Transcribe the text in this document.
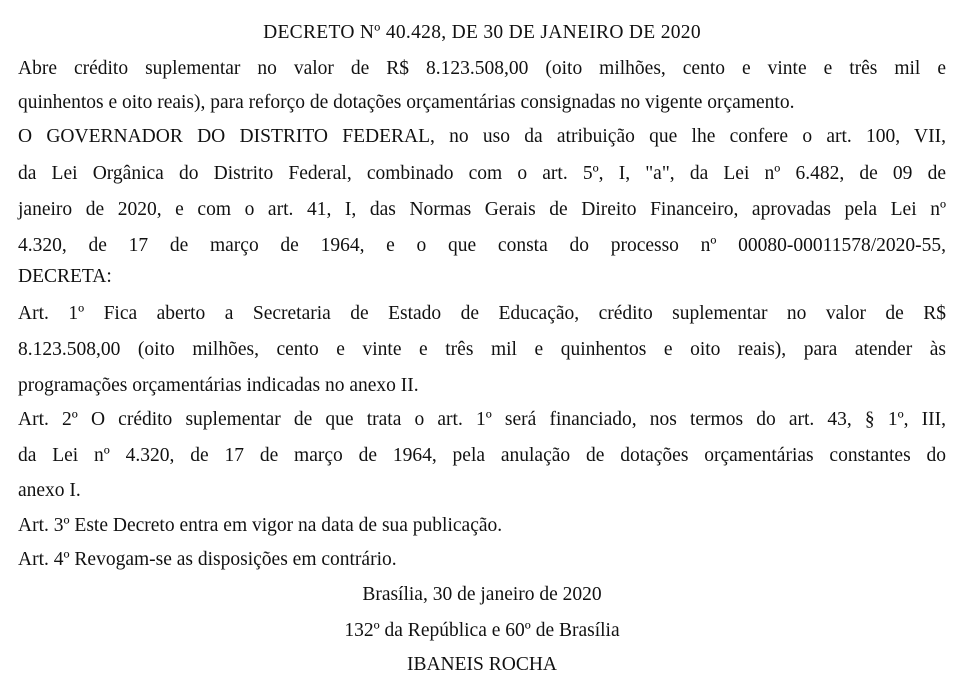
DECRETO Nº 40.428, DE 30 DE JANEIRO DE 2020
Abre crédito suplementar no valor de R$ 8.123.508,00 (oito milhões, cento e vinte e três mil e
quinhentos e oito reais), para reforço de dotações orçamentárias consignadas no vigente orçamento.
O GOVERNADOR DO DISTRITO FEDERAL, no uso da atribuição que lhe confere o art. 100, VII,
da Lei Orgânica do Distrito Federal, combinado com o art. 5º, I, "a", da Lei nº 6.482, de 09 de
janeiro de 2020, e com o art. 41, I, das Normas Gerais de Direito Financeiro, aprovadas pela Lei nº
4.320, de 17 de março de 1964, e o que consta do processo nº 00080-00011578/2020-55,
DECRETA:
Art. 1º Fica aberto a Secretaria de Estado de Educação, crédito suplementar no valor de R$
8.123.508,00 (oito milhões, cento e vinte e três mil e quinhentos e oito reais), para atender às
programações orçamentárias indicadas no anexo II.
Art. 2º O crédito suplementar de que trata o art. 1º será financiado, nos termos do art. 43, § 1º, III,
da Lei nº 4.320, de 17 de março de 1964, pela anulação de dotações orçamentárias constantes do
anexo I.
Art. 3º Este Decreto entra em vigor na data de sua publicação.
Art. 4º Revogam-se as disposições em contrário.
Brasília, 30 de janeiro de 2020
132º da República e 60º de Brasília
IBANEIS ROCHA
